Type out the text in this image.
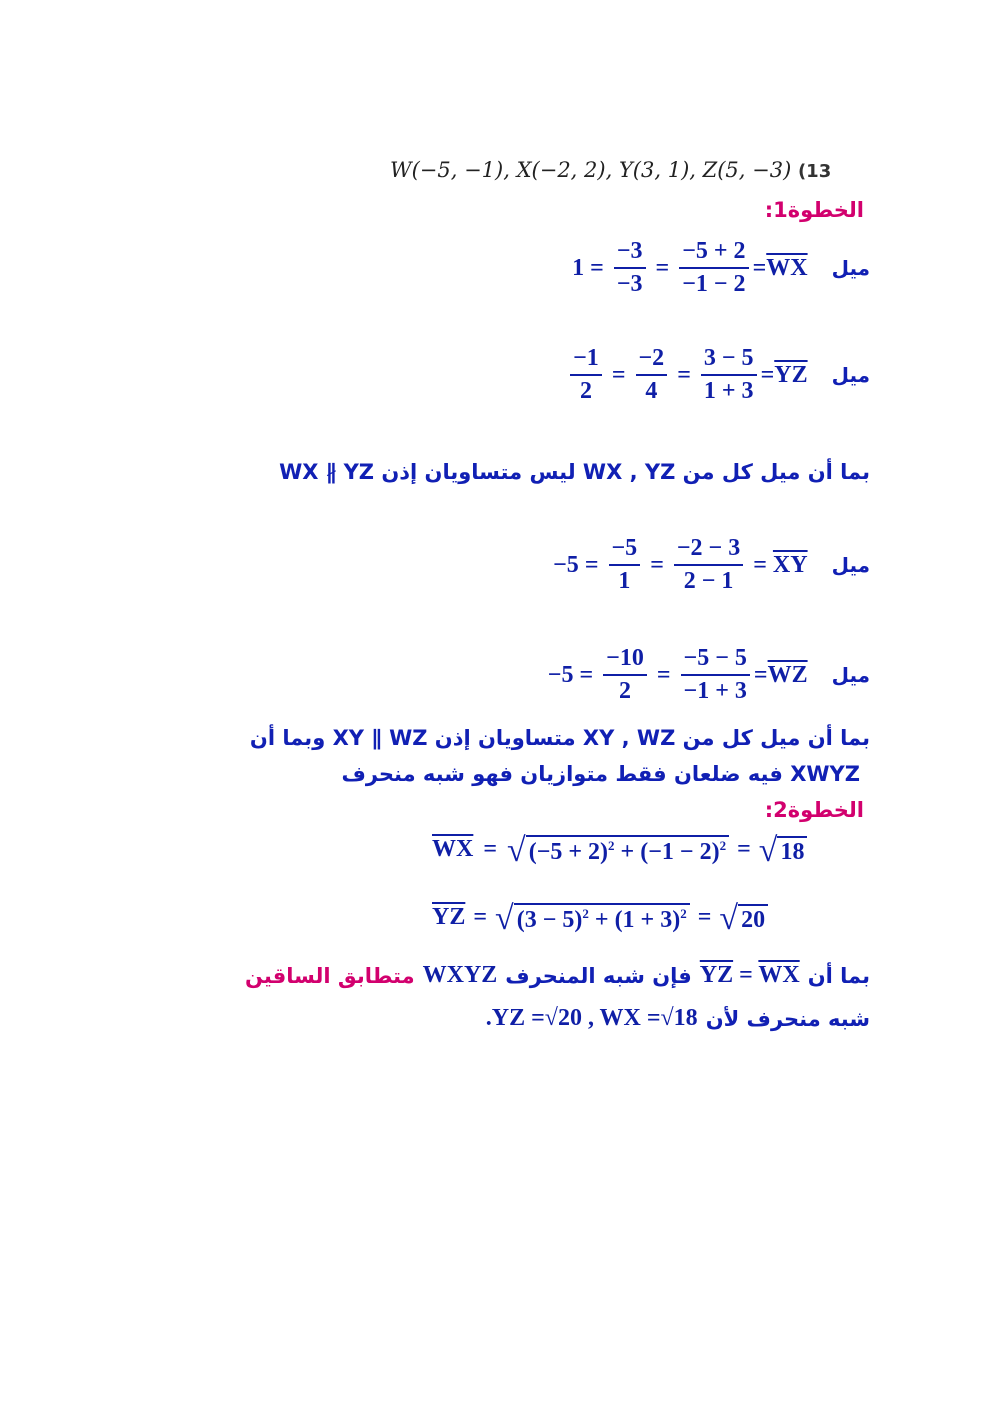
W(−5, −1), X(−2, 2), Y(3, 1), Z(5, −3) (13
الخطوة1:
$1 = \frac{-3}{-3} = \frac{-5 + 2}{-1 - 2} = \overline{WX}$ ميل
$\frac{-1}{2} = \frac{-2}{4} = \frac{3 - 5}{1 + 3} = \overline{YZ}$ ميل
بما أن ميل كل من WX , YZ ليس متساويان إذن WX ∦ YZ
$-5 = \frac{-5}{1} = \frac{-2 - 3}{2 - 1} = \overline{XY}$ ميل
$-5 = \frac{-10}{2} = \frac{-5 - 5}{-1 + 3} = \overline{WZ}$ ميل
بما أن ميل كل من XY , WZ متساويان إذن XY ∥ WZ وبما أن
XWYZ فيه ضلعان فقط متوازيان فهو شبه منحرف
الخطوة2:
$\overline{WX}$ = √ $(-5 + 2)^2 + (-1 - 2)^2$ = √ 18
$\overline{YZ}$ = √ $(3 - 5)^2 + (1 + 3)^2$ = √ 20
بما أن
$\overline{YZ} = \overline{WX}$
فإن شبه المنحرف
WXYZ
متطابق الساقين
شبه منحرف لأن
.YZ =√20 , WX =√18
